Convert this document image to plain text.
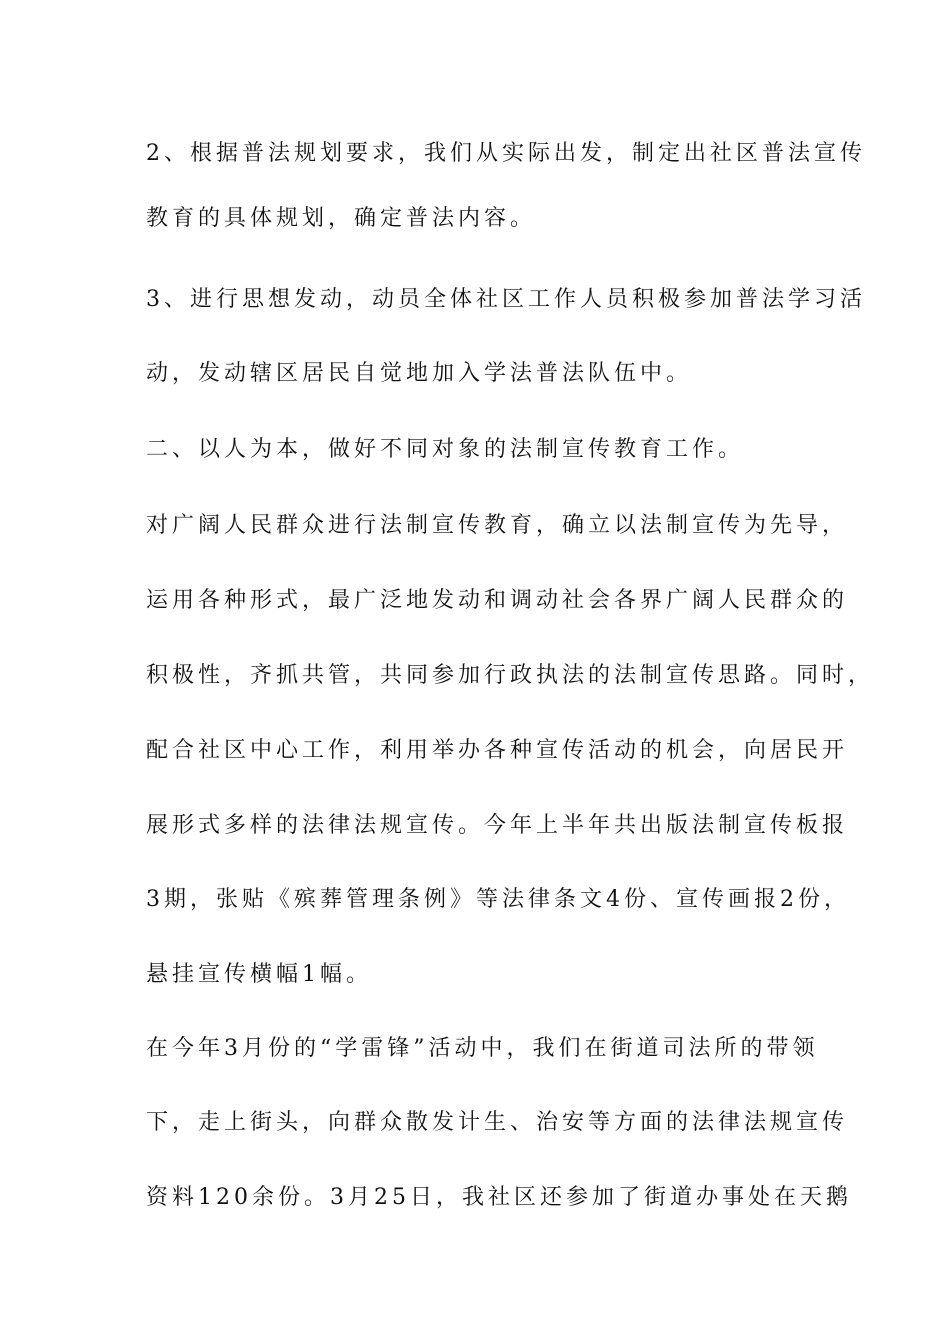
2、根据普法规划要求，我们从实际出发，制定出社区普法宣传
教育的具体规划，确定普法内容。
3、进行思想发动，动员全体社区工作人员积极参加普法学习活
动，发动辖区居民自觉地加入学法普法队伍中。
二、以人为本，做好不同对象的法制宣传教育工作。
对广阔人民群众进行法制宣传教育，确立以法制宣传为先导，
运用各种形式，最广泛地发动和调动社会各界广阔人民群众的
积极性，齐抓共管，共同参加行政执法的法制宣传思路。同时，
配合社区中心工作，利用举办各种宣传活动的机会，向居民开
展形式多样的法律法规宣传。今年上半年共出版法制宣传板报
3期，张贴《殡葬管理条例》等法律条文4份、宣传画报2份，
悬挂宣传横幅1幅。
在今年3月份的“学雷锋”活动中，我们在街道司法所的带领
下，走上街头，向群众散发计生、治安等方面的法律法规宣传
资料120余份。3月25日，我社区还参加了街道办事处在天鹅
